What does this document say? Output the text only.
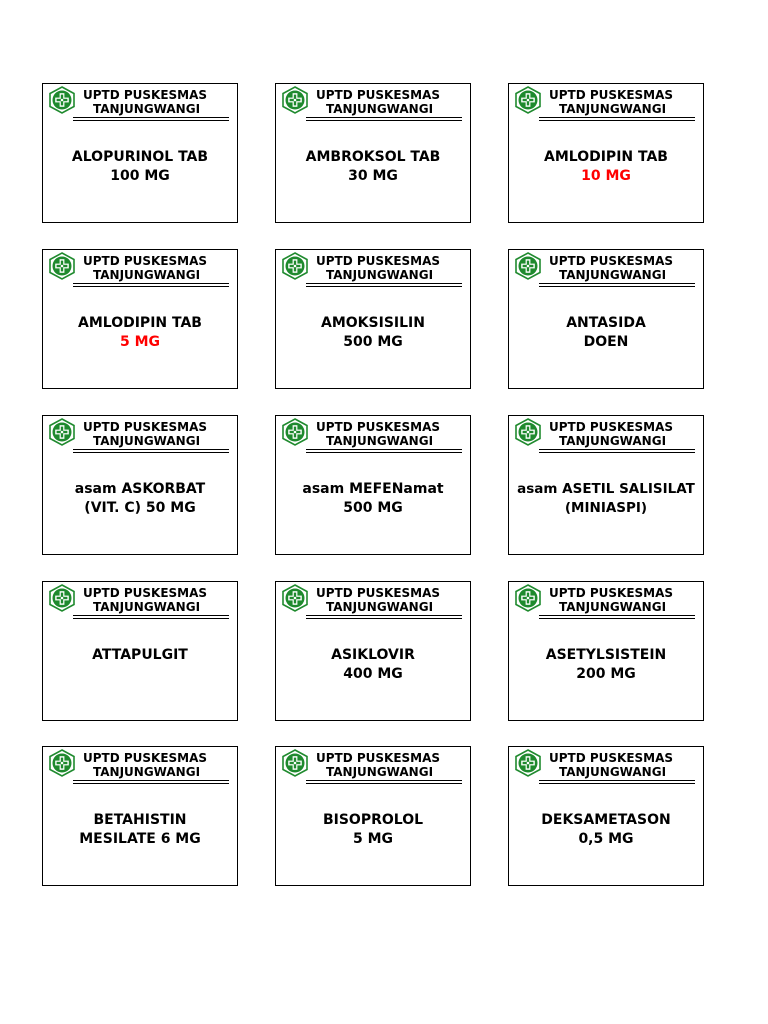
UPTD PUSKESMAS
TANJUNGWANGI
ALOPURINOL TAB
100 MG
UPTD PUSKESMAS
TANJUNGWANGI
AMBROKSOL TAB
30 MG
UPTD PUSKESMAS
TANJUNGWANGI
AMLODIPIN TAB
10 MG
UPTD PUSKESMAS
TANJUNGWANGI
AMLODIPIN TAB
5 MG
UPTD PUSKESMAS
TANJUNGWANGI
AMOKSISILIN
500 MG
UPTD PUSKESMAS
TANJUNGWANGI
ANTASIDA
DOEN
UPTD PUSKESMAS
TANJUNGWANGI
asam ASKORBAT
(VIT. C) 50 MG
UPTD PUSKESMAS
TANJUNGWANGI
asam MEFENamat
500 MG
UPTD PUSKESMAS
TANJUNGWANGI
asam ASETIL SALISILAT
(MINIASPI)
UPTD PUSKESMAS
TANJUNGWANGI
ATTAPULGIT
UPTD PUSKESMAS
TANJUNGWANGI
ASIKLOVIR
400 MG
UPTD PUSKESMAS
TANJUNGWANGI
ASETYLSISTEIN
200 MG
UPTD PUSKESMAS
TANJUNGWANGI
BETAHISTIN
MESILATE 6 MG
UPTD PUSKESMAS
TANJUNGWANGI
BISOPROLOL
5 MG
UPTD PUSKESMAS
TANJUNGWANGI
DEKSAMETASON
0,5 MG
